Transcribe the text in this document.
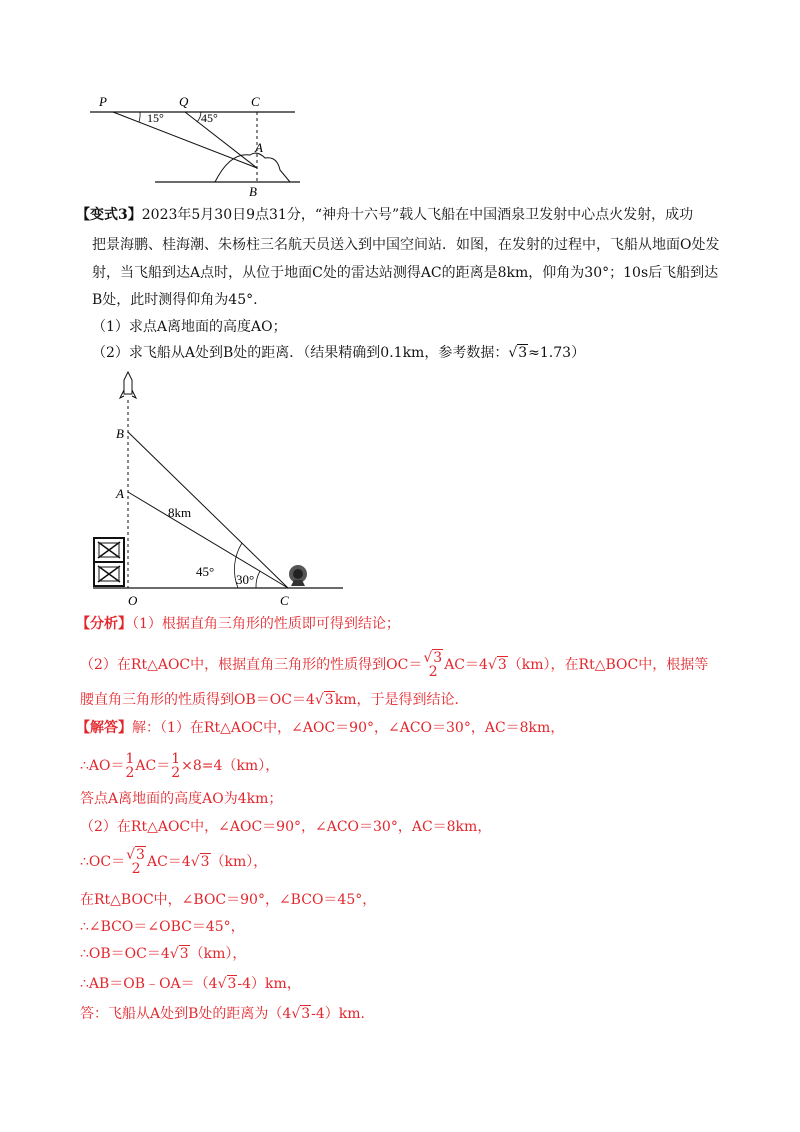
P	Q	C
A
B
15°	45°
【变式3】2023年5月30日9点31分，“神舟十六号”载人飞船在中国酒泉卫发射中心点火发射，成功
把景海鹏、桂海潮、朱杨柱三名航天员送入到中国空间站．如图，在发射的过程中，飞船从地面O处发
射，当飞船到达A点时，从位于地面C处的雷达站测得AC的距离是8km，仰角为30°；10s后飞船到达
B处，此时测得仰角为45°.
（1）求点A离地面的高度AO；
（2）求飞船从A处到B处的距离．（结果精确到0.1km，参考数据：√3≈1.73）
B
A
O	C
8km
45°
30°
【分析】（1）根据直角三角形的性质即可得到结论；
（2）在Rt△AOC中，根据直角三角形的性质得到OC＝ √3
2 AC＝4√3（km），在Rt△BOC中，根据等
腰直角三角形的性质得到OB＝OC＝4√3km，于是得到结论．
【解答】解：（1）在Rt△AOC中，∠AOC＝90°，∠ACO＝30°，AC＝8km，
∴AO＝ 1
2 AC＝ 1
2 ×8=4（km），
答点A离地面的高度AO为4km；
（2）在Rt△AOC中，∠AOC＝90°，∠ACO＝30°，AC＝8km，
∴OC＝ √3
2 AC＝4√3（km），
在Rt△BOC中，∠BOC＝90°，∠BCO＝45°，
∴∠BCO＝∠OBC＝45°，
∴OB＝OC＝4√3（km），
∴AB＝OB﹣OA＝（4√3-4）km，
答：飞船从A处到B处的距离为（4√3-4）km.
